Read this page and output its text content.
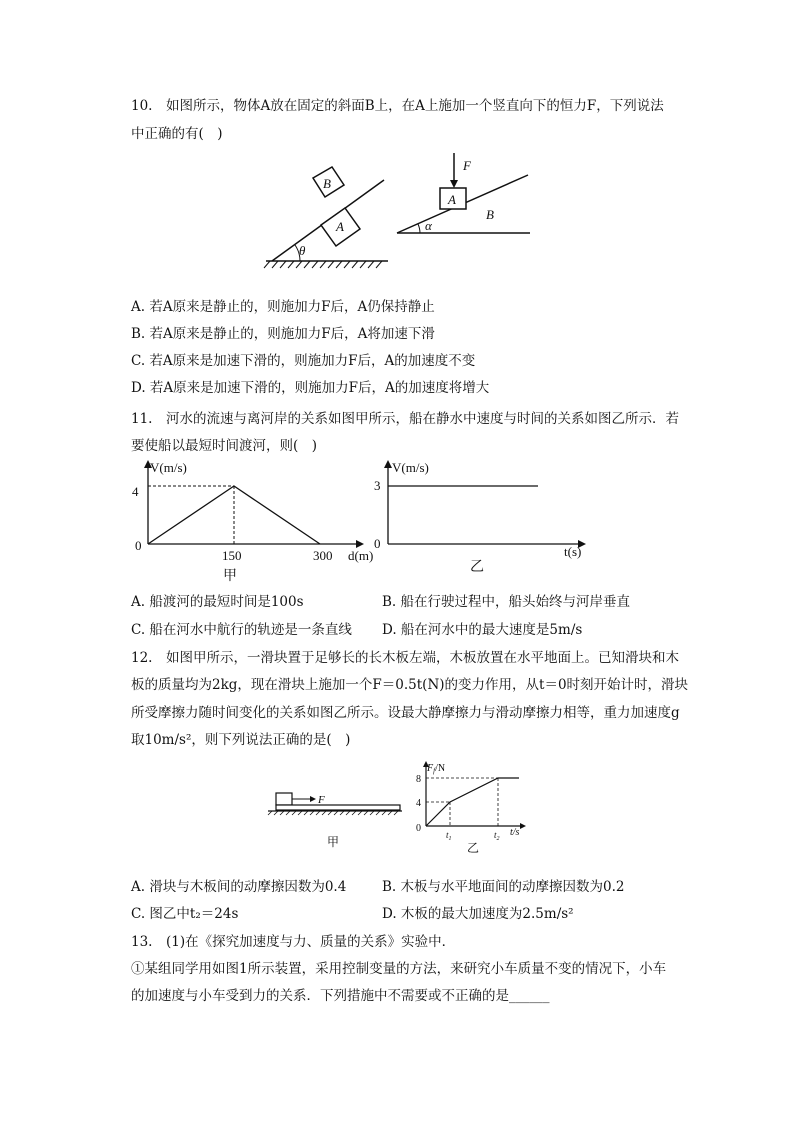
10.　如图所示，物体A放在固定的斜面B上，在A上施加一个竖直向下的恒力F，下列说法
中正确的有(　)
θ
A
B
α
A
B
F
A. 若A原来是静止的，则施加力F后，A仍保持静止
B. 若A原来是静止的，则施加力F后，A将加速下滑
C. 若A原来是加速下滑的，则施加力F后，A的加速度不变
D. 若A原来是加速下滑的，则施加力F后，A的加速度将增大
11.　河水的流速与离河岸的关系如图甲所示，船在静水中速度与时间的关系如图乙所示．若
要使船以最短时间渡河，则(　)
V(m/s)
d(m)
0
4
150	300
甲
V(m/s)
t(s)
3
0
乙
A. 船渡河的最短时间是100s	B. 船在行驶过程中，船头始终与河岸垂直
C. 船在河水中航行的轨迹是一条直线 D. 船在河水中的最大速度是5m/s
12.　如图甲所示，一滑块置于足够长的长木板左端，木板放置在水平地面上。已知滑块和木
板的质量均为2kg，现在滑块上施加一个F＝0.5t(N)的变力作用，从t＝0时刻开始计时，滑块
所受摩擦力随时间变化的关系如图乙所示。设最大静摩擦力与滑动摩擦力相等，重力加速度g
取10m/s²，则下列说法正确的是(　)
F
甲
$F_f/N$
t/s
0
8
4
$t_1$	$t_2$
乙
A. 滑块与木板间的动摩擦因数为0.4	B. 木板与水平地面间的动摩擦因数为0.2
C. 图乙中t₂＝24s	D. 木板的最大加速度为2.5m/s²
13.　(1)在《探究加速度与力、质量的关系》实验中．
①某组同学用如图1所示装置，采用控制变量的方法，来研究小车质量不变的情况下，小车
的加速度与小车受到力的关系．下列措施中不需要或不正确的是______
